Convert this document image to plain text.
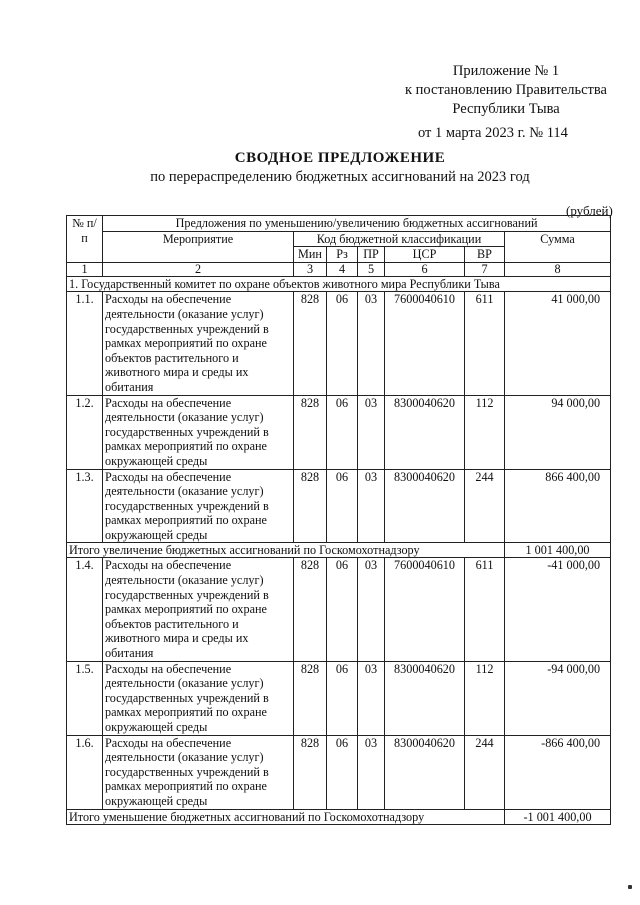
Приложение № 1
к постановлению Правительства
Республики Тыва
от 1 марта 2023 г. № 114
СВОДНОЕ ПРЕДЛОЖЕНИЕ
по перераспределению бюджетных ассигнований на 2023 год
(рублей)
№ п/п	Предложения по уменьшению/увеличению бюджетных ассигнований						
	Мероприятие	Код бюджетной классификации					Сумма
		Мин	Рз	ПР	ЦСР	ВР	
1	2	3	4	5	6	7	8
1. Государственный комитет по охране объектов животного мира Республики Тыва							
1.1.	Расходы на обеспечение деятельности (оказание услуг) государственных учреждений в рамках мероприятий по охране объектов растительного и животного мира и среды их обитания	828	06	03	7600040610	611	41 000,00
1.2.	Расходы на обеспечение деятельности (оказание услуг) государственных учреждений в рамках мероприятий по охране окружающей среды	828	06	03	8300040620	112	94 000,00
1.3.	Расходы на обеспечение деятельности (оказание услуг) государственных учреждений в рамках мероприятий по охране окружающей среды	828	06	03	8300040620	244	866 400,00
Итого увеличение бюджетных ассигнований по Госкомохотнадзору							1 001 400,00
1.4.	Расходы на обеспечение деятельности (оказание услуг) государственных учреждений в рамках мероприятий по охране объектов растительного и животного мира и среды их обитания	828	06	03	7600040610	611	-41 000,00
1.5.	Расходы на обеспечение деятельности (оказание услуг) государственных учреждений в рамках мероприятий по охране окружающей среды	828	06	03	8300040620	112	-94 000,00
1.6.	Расходы на обеспечение деятельности (оказание услуг) государственных учреждений в рамках мероприятий по охране окружающей среды	828	06	03	8300040620	244	-866 400,00
Итого уменьшение бюджетных ассигнований по Госкомохотнадзору							-1 001 400,00
